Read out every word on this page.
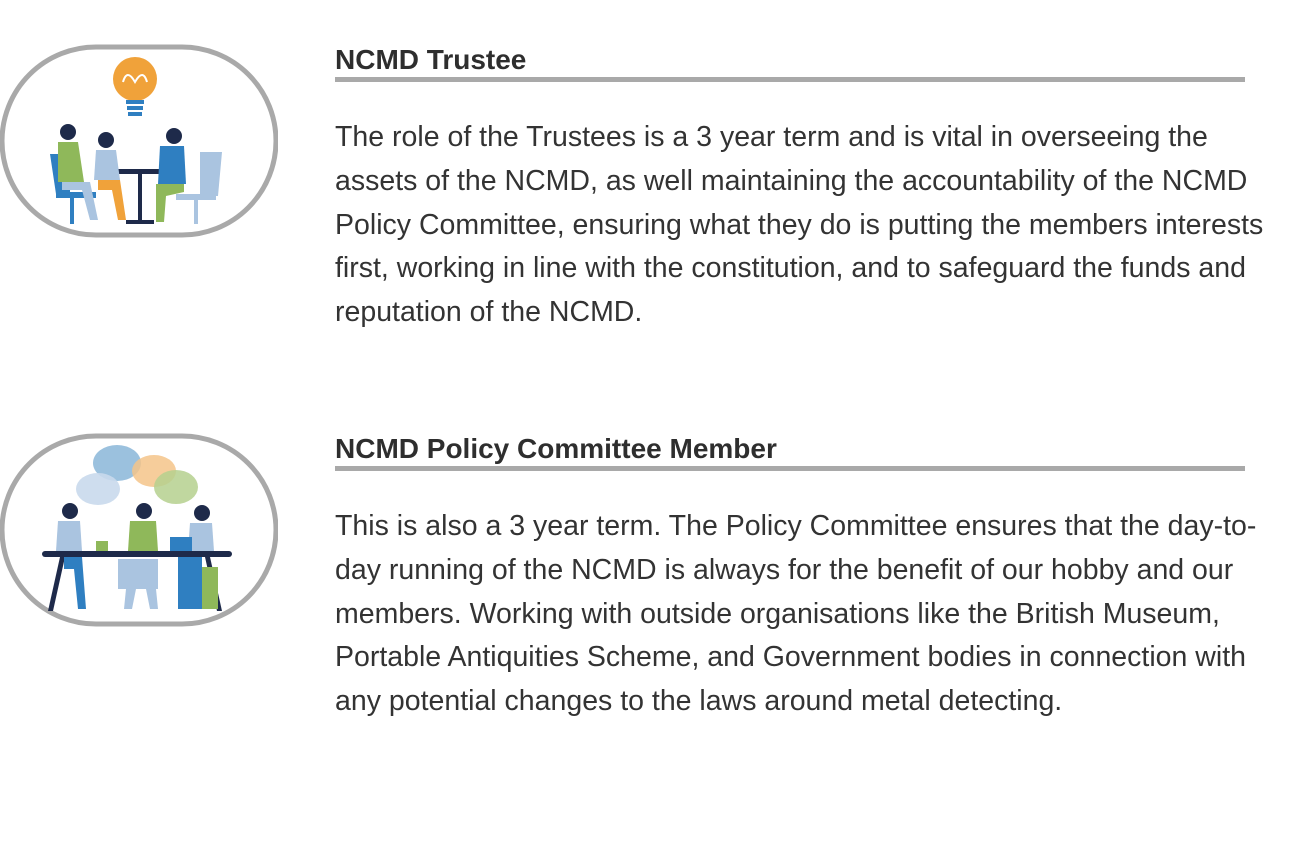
NCMD Trustee

The role of the Trustees is a 3 year term and is vital in overseeing the assets of the NCMD, as well maintaining the accountability of the NCMD Policy Committee, ensuring what they do is putting the members interests first, working in line with the constitution, and to safeguard the funds and reputation of the NCMD.

NCMD Policy Committee Member

This is also a 3 year term. The Policy Committee ensures that the day-to-day running of the NCMD is always for the benefit of our hobby and our members. Working with outside organisations like the British Museum, Portable Antiquities Scheme, and Government bodies in connection with any potential changes to the laws around metal detecting.
